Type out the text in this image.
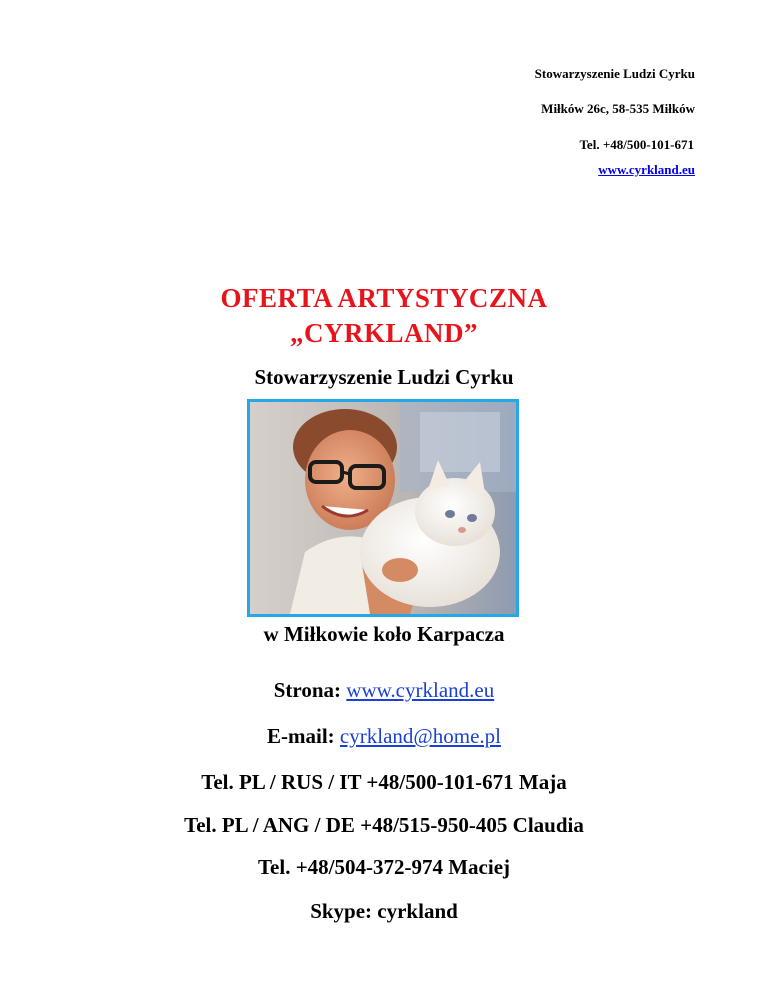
Stowarzyszenie Ludzi Cyrku
Miłków 26c, 58-535 Miłków
Tel. +48/500-101-671
www.cyrkland.eu
OFERTA ARTYSTYCZNA
„CYRKLAND”
Stowarzyszenie Ludzi Cyrku
w Miłkowie koło Karpacza
Strona: www.cyrkland.eu
E-mail: cyrkland@home.pl
Tel. PL / RUS / IT +48/500-101-671 Maja
Tel. PL / ANG / DE +48/515-950-405 Claudia
Tel. +48/504-372-974 Maciej
Skype: cyrkland
